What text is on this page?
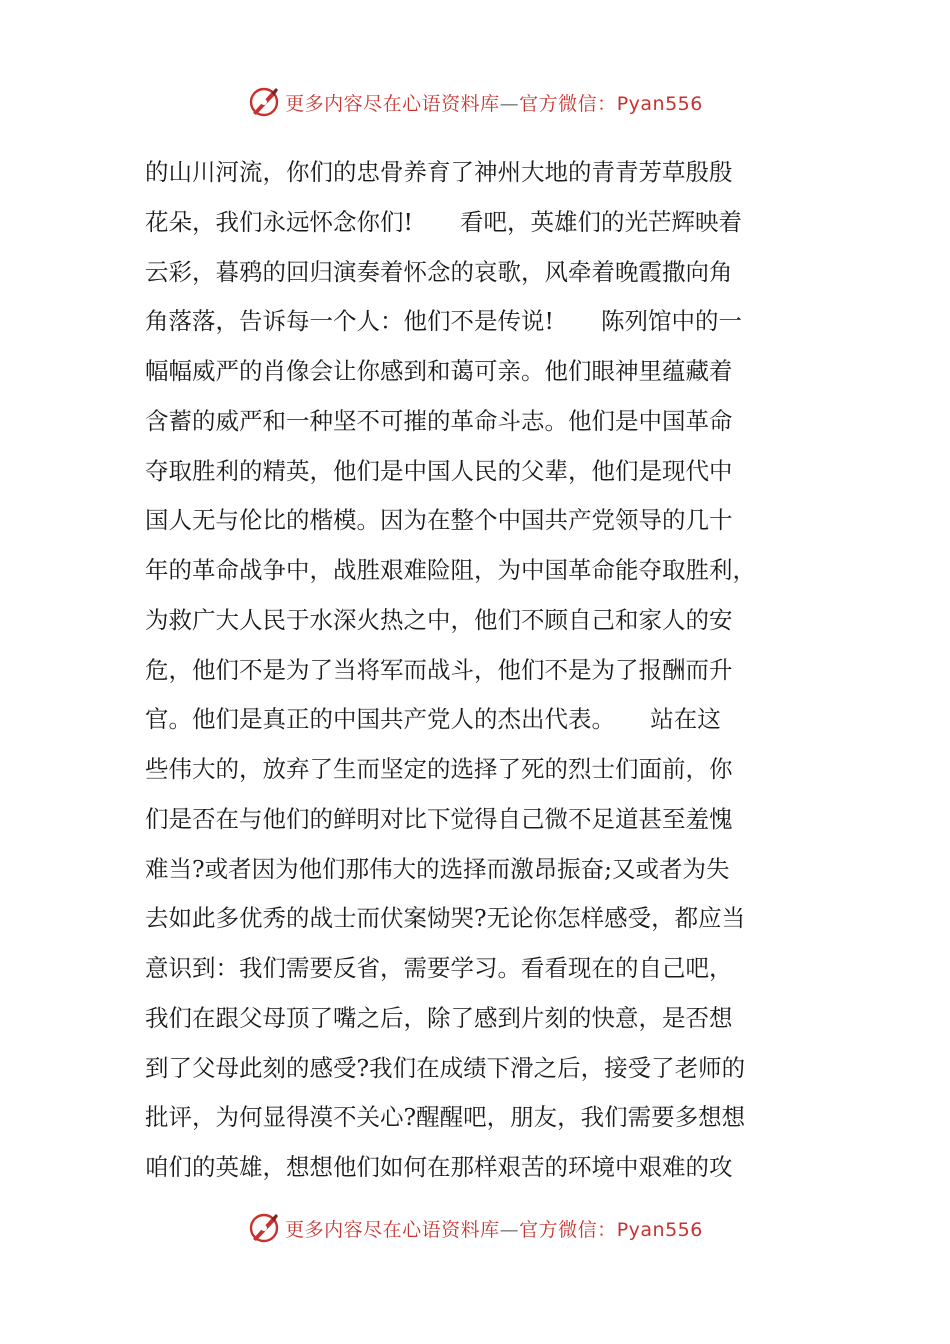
更多内容尽在心语资料库—官方微信：Pyan556
的山川河流，你们的忠骨养育了神州大地的青青芳草殷殷
花朵，我们永远怀念你们!　　看吧，英雄们的光芒辉映着
云彩，暮鸦的回归演奏着怀念的哀歌，风牵着晚霞撒向角
角落落，告诉每一个人：他们不是传说!　　陈列馆中的一
幅幅威严的肖像会让你感到和蔼可亲。他们眼神里蕴藏着
含蓄的威严和一种坚不可摧的革命斗志。他们是中国革命
夺取胜利的精英，他们是中国人民的父辈，他们是现代中
国人无与伦比的楷模。因为在整个中国共产党领导的几十
年的革命战争中，战胜艰难险阻，为中国革命能夺取胜利，
为救广大人民于水深火热之中，他们不顾自己和家人的安
危，他们不是为了当将军而战斗，他们不是为了报酬而升
官。他们是真正的中国共产党人的杰出代表。　　站在这
些伟大的，放弃了生而坚定的选择了死的烈士们面前，你
们是否在与他们的鲜明对比下觉得自己微不足道甚至羞愧
难当?或者因为他们那伟大的选择而激昂振奋;又或者为失
去如此多优秀的战士而伏案恸哭?无论你怎样感受，都应当
意识到：我们需要反省，需要学习。看看现在的自己吧，
我们在跟父母顶了嘴之后，除了感到片刻的快意，是否想
到了父母此刻的感受?我们在成绩下滑之后，接受了老师的
批评，为何显得漠不关心?醒醒吧，朋友，我们需要多想想
咱们的英雄，想想他们如何在那样艰苦的环境中艰难的攻
更多内容尽在心语资料库—官方微信：Pyan556
